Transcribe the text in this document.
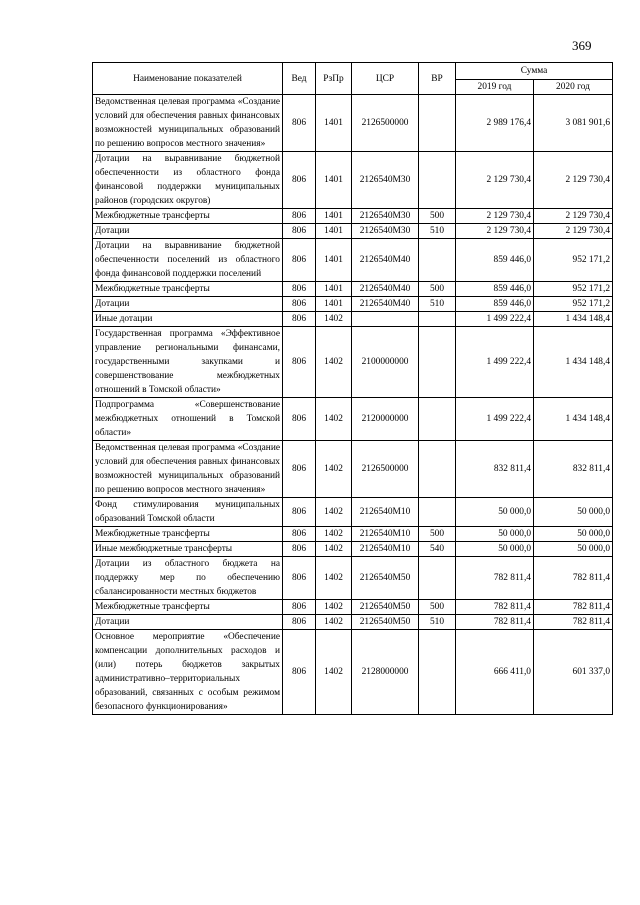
369
Наименование показателей	Вед	РзПр	ЦСР	ВР	Сумма	
					2019 год	2020 год
Ведомственная целевая программа «Создание условий для обеспечения равных финансовых возможностей муниципальных образований по решению вопросов местного значения»	806	1401	2126500000		2 989 176,4	3 081 901,6
Дотации на выравнивание бюджетной обеспеченности из областного фонда финансовой поддержки муниципальных районов (городских округов)	806	1401	2126540М30		2 129 730,4	2 129 730,4
Межбюджетные трансферты	806	1401	2126540М30	500	2 129 730,4	2 129 730,4
Дотации	806	1401	2126540М30	510	2 129 730,4	2 129 730,4
Дотации на выравнивание бюджетной обеспеченности поселений из областного фонда финансовой поддержки поселений	806	1401	2126540М40		859 446,0	952 171,2
Межбюджетные трансферты	806	1401	2126540М40	500	859 446,0	952 171,2
Дотации	806	1401	2126540М40	510	859 446,0	952 171,2
Иные дотации	806	1402			1 499 222,4	1 434 148,4
Государственная программа «Эффективное управление региональными финансами, государственными закупками и совершенствование межбюджетных отношений в Томской области»	806	1402	2100000000		1 499 222,4	1 434 148,4
Подпрограмма «Совершенствование межбюджетных отношений в Томской области»	806	1402	2120000000		1 499 222,4	1 434 148,4
Ведомственная целевая программа «Создание условий для обеспечения равных финансовых возможностей муниципальных образований по решению вопросов местного значения»	806	1402	2126500000		832 811,4	832 811,4
Фонд стимулирования муниципальных образований Томской области	806	1402	2126540М10		50 000,0	50 000,0
Межбюджетные трансферты	806	1402	2126540М10	500	50 000,0	50 000,0
Иные межбюджетные трансферты	806	1402	2126540М10	540	50 000,0	50 000,0
Дотации из областного бюджета на поддержку мер по обеспечению сбалансированности местных бюджетов	806	1402	2126540М50		782 811,4	782 811,4
Межбюджетные трансферты	806	1402	2126540М50	500	782 811,4	782 811,4
Дотации	806	1402	2126540М50	510	782 811,4	782 811,4
Основное мероприятие «Обеспечение компенсации дополнительных расходов и (или) потерь бюджетов закрытых административно–территориальных образований, связанных с особым режимом безопасного функционирования»	806	1402	2128000000		666 411,0	601 337,0
